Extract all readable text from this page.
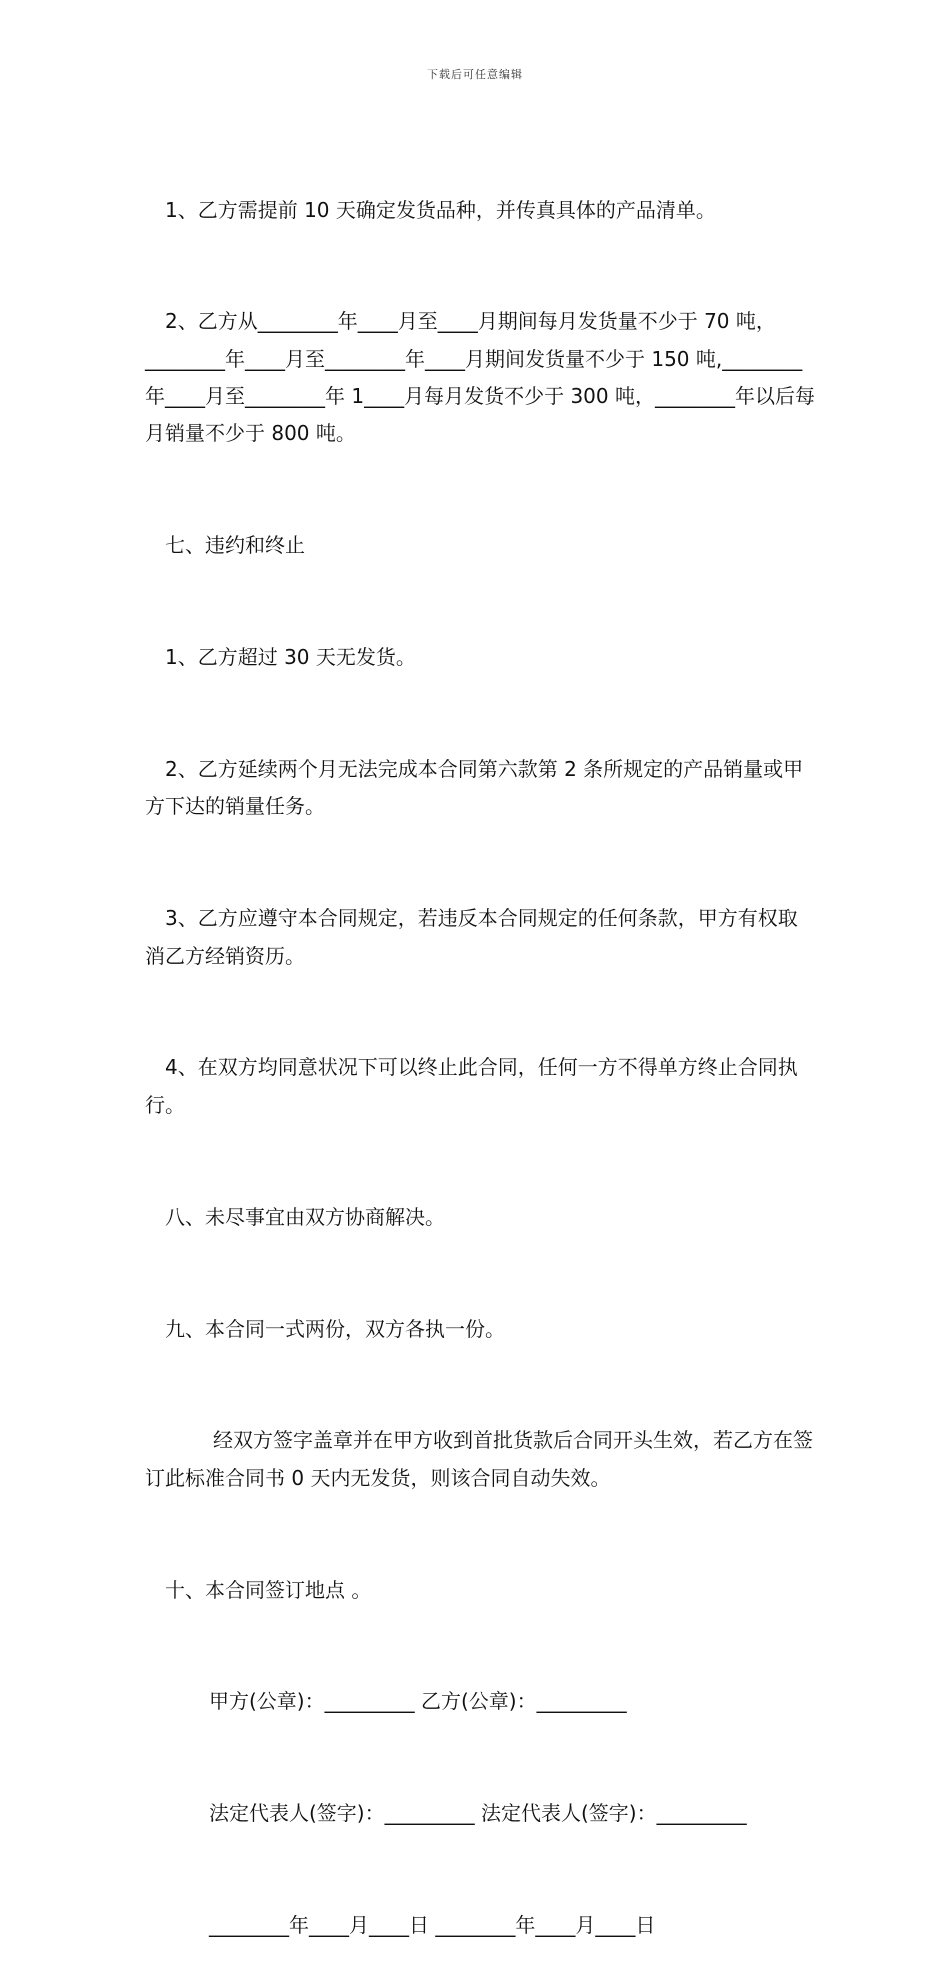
下载后可任意编辑

1、乙方需提前 10 天确定发货品种，并传真具体的产品清单。

2、乙方从________年____月至____月期间每月发货量不少于 70 吨，________年____月至________年____月期间发货量不少于 150 吨,________年____月至________年 1____月每月发货不少于 300 吨，________年以后每月销量不少于 800 吨。

七、违约和终止

1、乙方超过 30 天无发货。

2、乙方延续两个月无法完成本合同第六款第 2 条所规定的产品销量或甲方下达的销量任务。

3、乙方应遵守本合同规定，若违反本合同规定的任何条款，甲方有权取消乙方经销资历。

4、在双方均同意状况下可以终止此合同，任何一方不得单方终止合同执行。

八、未尽事宜由双方协商解决。

九、本合同一式两份，双方各执一份。

经双方签字盖章并在甲方收到首批货款后合同开头生效，若乙方在签订此标准合同书 0 天内无发货，则该合同自动失效。

十、本合同签订地点 。

甲方(公章)：_________ 乙方(公章)：_________

法定代表人(签字)：_________ 法定代表人(签字)：_________

________年____月____日 ________年____月____日
